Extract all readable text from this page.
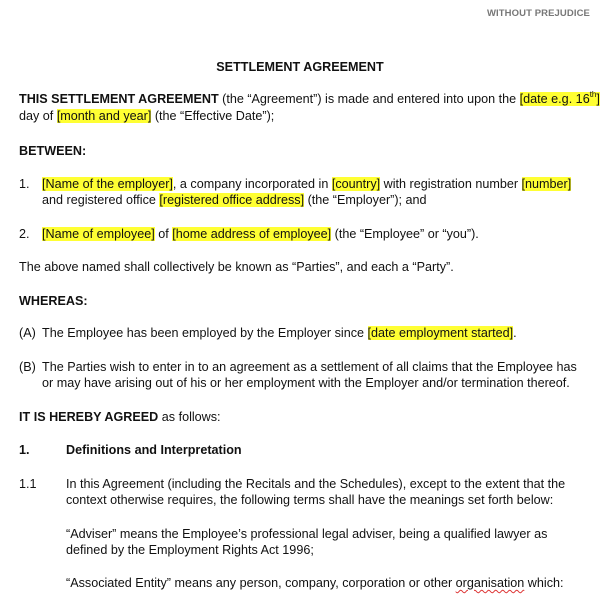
WITHOUT PREJUDICE
SETTLEMENT AGREEMENT
THIS SETTLEMENT AGREEMENT (the “Agreement”) is made and entered into upon the [date e.g. 16th]
day of [month and year] (the “Effective Date”);
BETWEEN:
1. [Name of the employer], a company incorporated in [country] with registration number [number]
and registered office [registered office address] (the “Employer”); and
2. [Name of employee] of [home address of employee] (the “Employee” or “you”).
The above named shall collectively be known as “Parties”, and each a “Party”.
WHEREAS:
(A) The Employee has been employed by the Employer since [date employment started].
(B) The Parties wish to enter in to an agreement as a settlement of all claims that the Employee has
or may have arising out of his or her employment with the Employer and/or termination thereof.
IT IS HEREBY AGREED as follows:
1.	Definitions and Interpretation
1.1 In this Agreement (including the Recitals and the Schedules), except to the extent that the
context otherwise requires, the following terms shall have the meanings set forth below:
“Adviser” means the Employee’s professional legal adviser, being a qualified lawyer as
defined by the Employment Rights Act 1996;
“Associated Entity” means any person, company, corporation or other organisation which:
